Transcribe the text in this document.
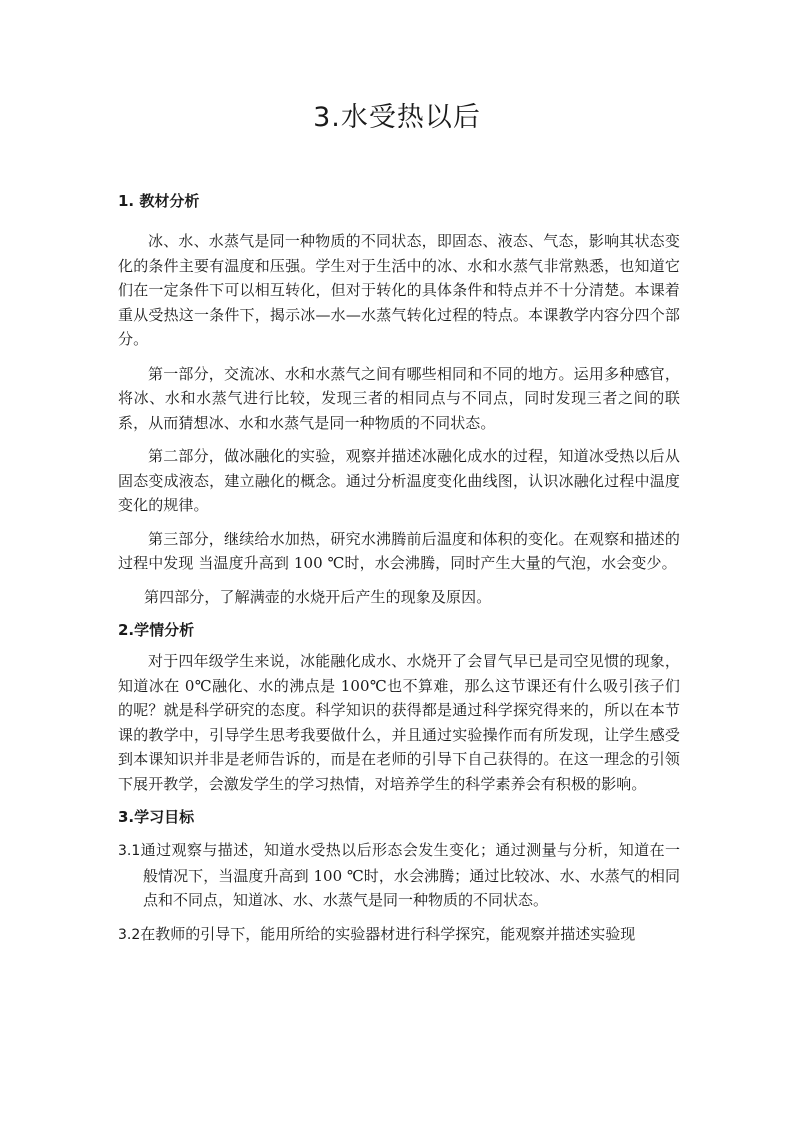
3.水受热以后
1. 教材分析

冰、水、水蒸气是同一种物质的不同状态，即固态、液态、气态，影响其状态变化的条件主要有温度和压强。学生对于生活中的冰、水和水蒸气非常熟悉，也知道它们在一定条件下可以相互转化，但对于转化的具体条件和特点并不十分清楚。本课着重从受热这一条件下，揭示冰—水—水蒸气转化过程的特点。本课教学内容分四个部分。

第一部分，交流冰、水和水蒸气之间有哪些相同和不同的地方。运用多种感官，将冰、水和水蒸气进行比较，发现三者的相同点与不同点，同时发现三者之间的联系，从而猜想冰、水和水蒸气是同一种物质的不同状态。

第二部分，做冰融化的实验，观察并描述冰融化成水的过程，知道冰受热以后从固态变成液态，建立融化的概念。通过分析温度变化曲线图，认识冰融化过程中温度变化的规律。

第三部分，继续给水加热，研究水沸腾前后温度和体积的变化。在观察和描述的过程中发现 当温度升高到 100 ℃时，水会沸腾，同时产生大量的气泡，水会变少。

第四部分，了解满壶的水烧开后产生的现象及原因。

2.学情分析

对于四年级学生来说，冰能融化成水、水烧开了会冒气早已是司空见惯的现象，知道冰在 0℃融化、水的沸点是 100℃也不算难，那么这节课还有什么吸引孩子们的呢？就是科学研究的态度。科学知识的获得都是通过科学探究得来的，所以在本节课的教学中，引导学生思考我要做什么，并且通过实验操作而有所发现，让学生感受到本课知识并非是老师告诉的，而是在老师的引导下自己获得的。在这一理念的引领下展开教学，会激发学生的学习热情，对培养学生的科学素养会有积极的影响。

3.学习目标

3.1通过观察与描述，知道水受热以后形态会发生变化；通过测量与分析，知道在一般情况下，当温度升高到 100 ℃时，水会沸腾；通过比较冰、水、水蒸气的相同点和不同点，知道冰、水、水蒸气是同一种物质的不同状态。

3.2在教师的引导下，能用所给的实验器材进行科学探究，能观察并描述实验现
